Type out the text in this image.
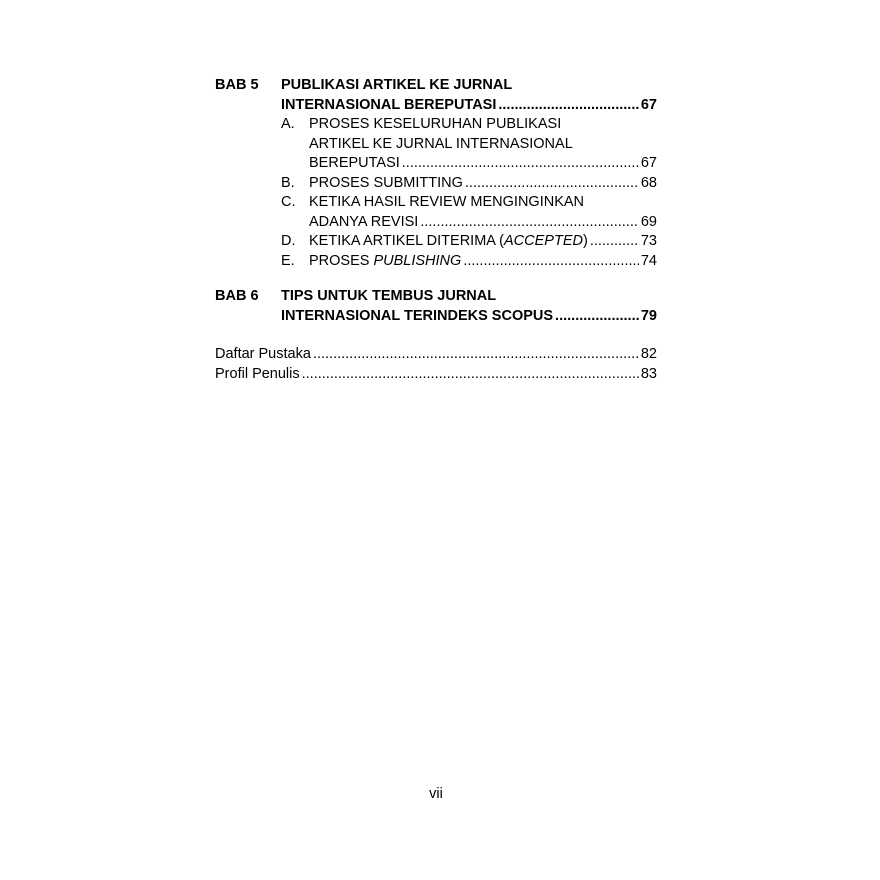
BAB 5 PUBLIKASI ARTIKEL KE JURNAL
INTERNASIONAL BEREPUTASI .....	67
A. PROSES KESELURUHAN PUBLIKASI
ARTIKEL KE JURNAL INTERNASIONAL
BEREPUTASI .....	67
B. PROSES SUBMITTING .....	68
C. KETIKA HASIL REVIEW MENGINGINKAN
ADANYA REVISI .....	69
D. KETIKA ARTIKEL DITERIMA (ACCEPTED) .....	73
E. PROSES PUBLISHING .....	74
BAB 6 TIPS UNTUK TEMBUS JURNAL
INTERNASIONAL TERINDEKS SCOPUS .....	79
Daftar Pustaka .....	82
Profil Penulis .....	83
vii
